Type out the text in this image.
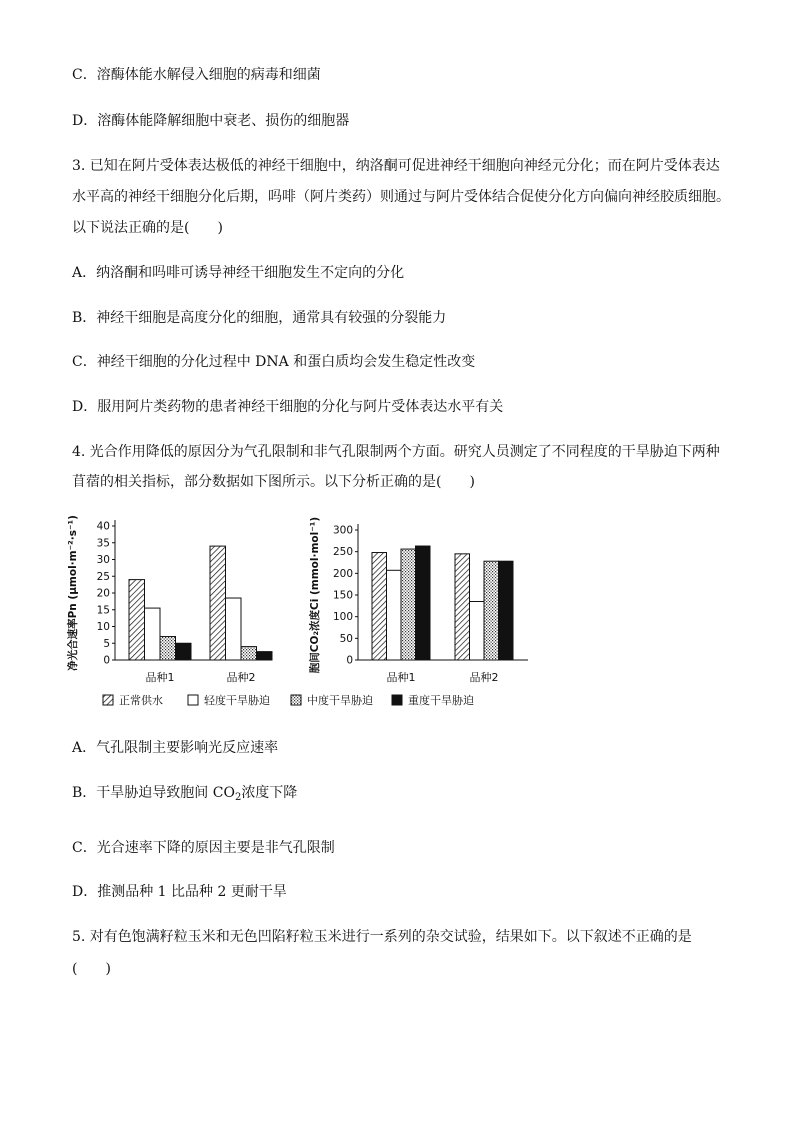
C．溶酶体能水解侵入细胞的病毒和细菌
D．溶酶体能降解细胞中衰老、损伤的细胞器
3. 已知在阿片受体表达极低的神经干细胞中，纳洛酮可促进神经干细胞向神经元分化；而在阿片受体表达
水平高的神经干细胞分化后期，吗啡（阿片类药）则通过与阿片受体结合促使分化方向偏向神经胶质细胞。
以下说法正确的是(　　)
A．纳洛酮和吗啡可诱导神经干细胞发生不定向的分化
B．神经干细胞是高度分化的细胞，通常具有较强的分裂能力
C．神经干细胞的分化过程中 DNA 和蛋白质均会发生稳定性改变
D．服用阿片类药物的患者神经干细胞的分化与阿片受体表达水平有关
4. 光合作用降低的原因分为气孔限制和非气孔限制两个方面。研究人员测定了不同程度的干旱胁迫下两种
苜蓿的相关指标，部分数据如下图所示。以下分析正确的是(　　)
0
5
10
15
20
25
30
35
40
净光合速率Pn (μmol·m⁻²·s⁻¹)
品种1	品种2
0
50
100
150
200
250
300
胞间CO₂浓度Ci (mmol·mol⁻¹)
品种1	品种2
正常供水	轻度干旱胁迫	中度干旱胁迫	重度干旱胁迫
A．气孔限制主要影响光反应速率
B．干旱胁迫导致胞间 $CO_2$浓度下降
C．光合速率下降的原因主要是非气孔限制
D．推测品种 1 比品种 2 更耐干旱
5. 对有色饱满籽粒玉米和无色凹陷籽粒玉米进行一系列的杂交试验，结果如下。以下叙述不正确的是
(　　)
